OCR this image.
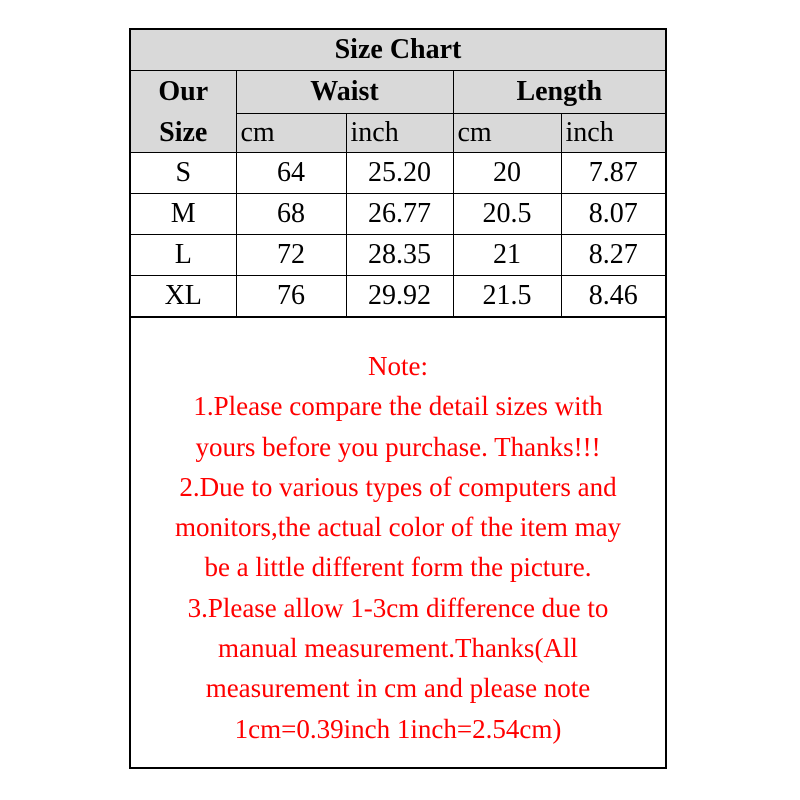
Size Chart				
Our	Waist		Length	
Size	cm	inch	cm	inch
S	64	25.20	20	7.87
M	68	26.77	20.5	8.07
L	72	28.35	21	8.27
XL	76	29.92	21.5	8.46
Note:
1.Please compare the detail sizes with
yours before you purchase. Thanks!!!
2.Due to various types of computers and
monitors,the actual color of the item may
be a little different form the picture.
3.Please allow 1-3cm difference due to
manual measurement.Thanks(All
measurement in cm and please note
1cm=0.39inch 1inch=2.54cm)
